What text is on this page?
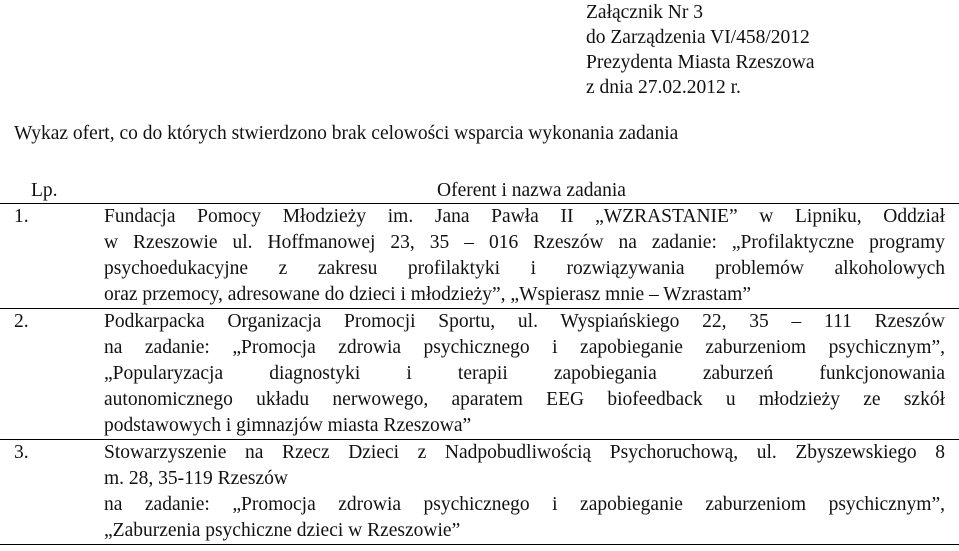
Załącznik Nr 3
do Zarządzenia VI/458/2012
Prezydenta Miasta Rzeszowa
z dnia 27.02.2012 r.
Wykaz ofert, co do których stwierdzono brak celowości wsparcia wykonania zadania
Lp.	Oferent i nazwa zadania
1.	Fundacja Pomocy Młodzieży im. Jana Pawła II „WZRASTANIE” w Lipniku, Oddział
w Rzeszowie ul. Hoffmanowej 23, 35 – 016 Rzeszów na zadanie: „Profilaktyczne programy
psychoedukacyjne z zakresu profilaktyki i rozwiązywania problemów alkoholowych
oraz przemocy, adresowane do dzieci i młodzieży”, „Wspierasz mnie – Wzrastam”

2.	Podkarpacka Organizacja Promocji Sportu, ul. Wyspiańskiego 22, 35 – 111 Rzeszów
na zadanie: „Promocja zdrowia psychicznego i zapobieganie zaburzeniom psychicznym”,
„Popularyzacja diagnostyki i terapii zapobiegania zaburzeń funkcjonowania
autonomicznego układu nerwowego, aparatem EEG biofeedback u młodzieży ze szkół
podstawowych i gimnazjów miasta Rzeszowa”

3.	Stowarzyszenie na Rzecz Dzieci z Nadpobudliwością Psychoruchową, ul. Zbyszewskiego 8
m. 28, 35-119 Rzeszów
na zadanie: „Promocja zdrowia psychicznego i zapobieganie zaburzeniom psychicznym”,
„Zaburzenia psychiczne dzieci w Rzeszowie”
